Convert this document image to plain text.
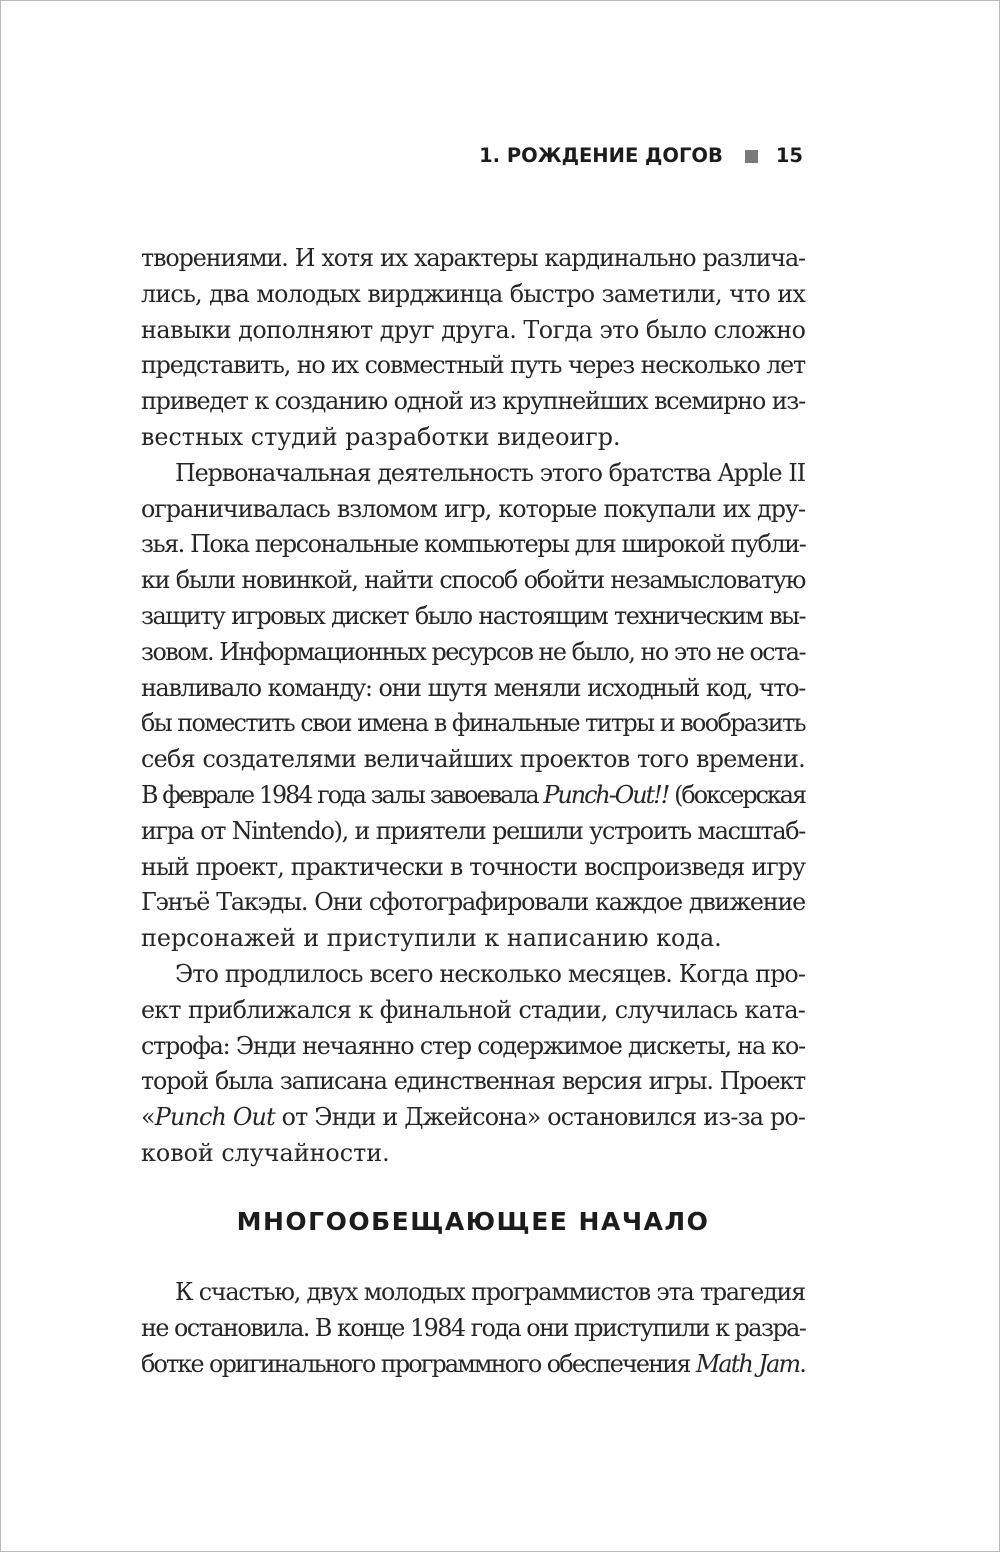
1. РОЖДЕНИЕ ДОГОВ	15
творениями. И хотя их характеры кардинально различа-
лись, два молодых вирджинца быстро заметили, что их
навыки дополняют друг друга. Тогда это было сложно
представить, но их совместный путь через несколько лет
приведет к созданию одной из крупнейших всемирно из-
вестных студий разработки видеоигр.
Первоначальная деятельность этого братства Apple II
ограничивалась взломом игр, которые покупали их дру-
зья. Пока персональные компьютеры для широкой публи-
ки были новинкой, найти способ обойти незамысловатую
защиту игровых дискет было настоящим техническим вы-
зовом. Информационных ресурсов не было, но это не оста-
навливало команду: они шутя меняли исходный код, что-
бы поместить свои имена в финальные титры и вообразить
себя создателями величайших проектов того времени.
В феврале 1984 года залы завоевала Punch-Out!! (боксерская
игра от Nintendo), и приятели решили устроить масштаб-
ный проект, практически в точности воспроизведя игру
Гэнъё Такэды. Они сфотографировали каждое движение
персонажей и приступили к написанию кода.
Это продлилось всего несколько месяцев. Когда про-
ект приближался к финальной стадии, случилась ката-
строфа: Энди нечаянно стер содержимое дискеты, на ко-
торой была записана единственная версия игры. Проект
«Punch Out от Энди и Джейсона» остановился из-за ро-
ковой случайности.
МНОГООБЕЩАЮЩЕЕ НАЧАЛО
К счастью, двух молодых программистов эта трагедия
не остановила. В конце 1984 года они приступили к разра-
ботке оригинального программного обеспечения Math Jam.
